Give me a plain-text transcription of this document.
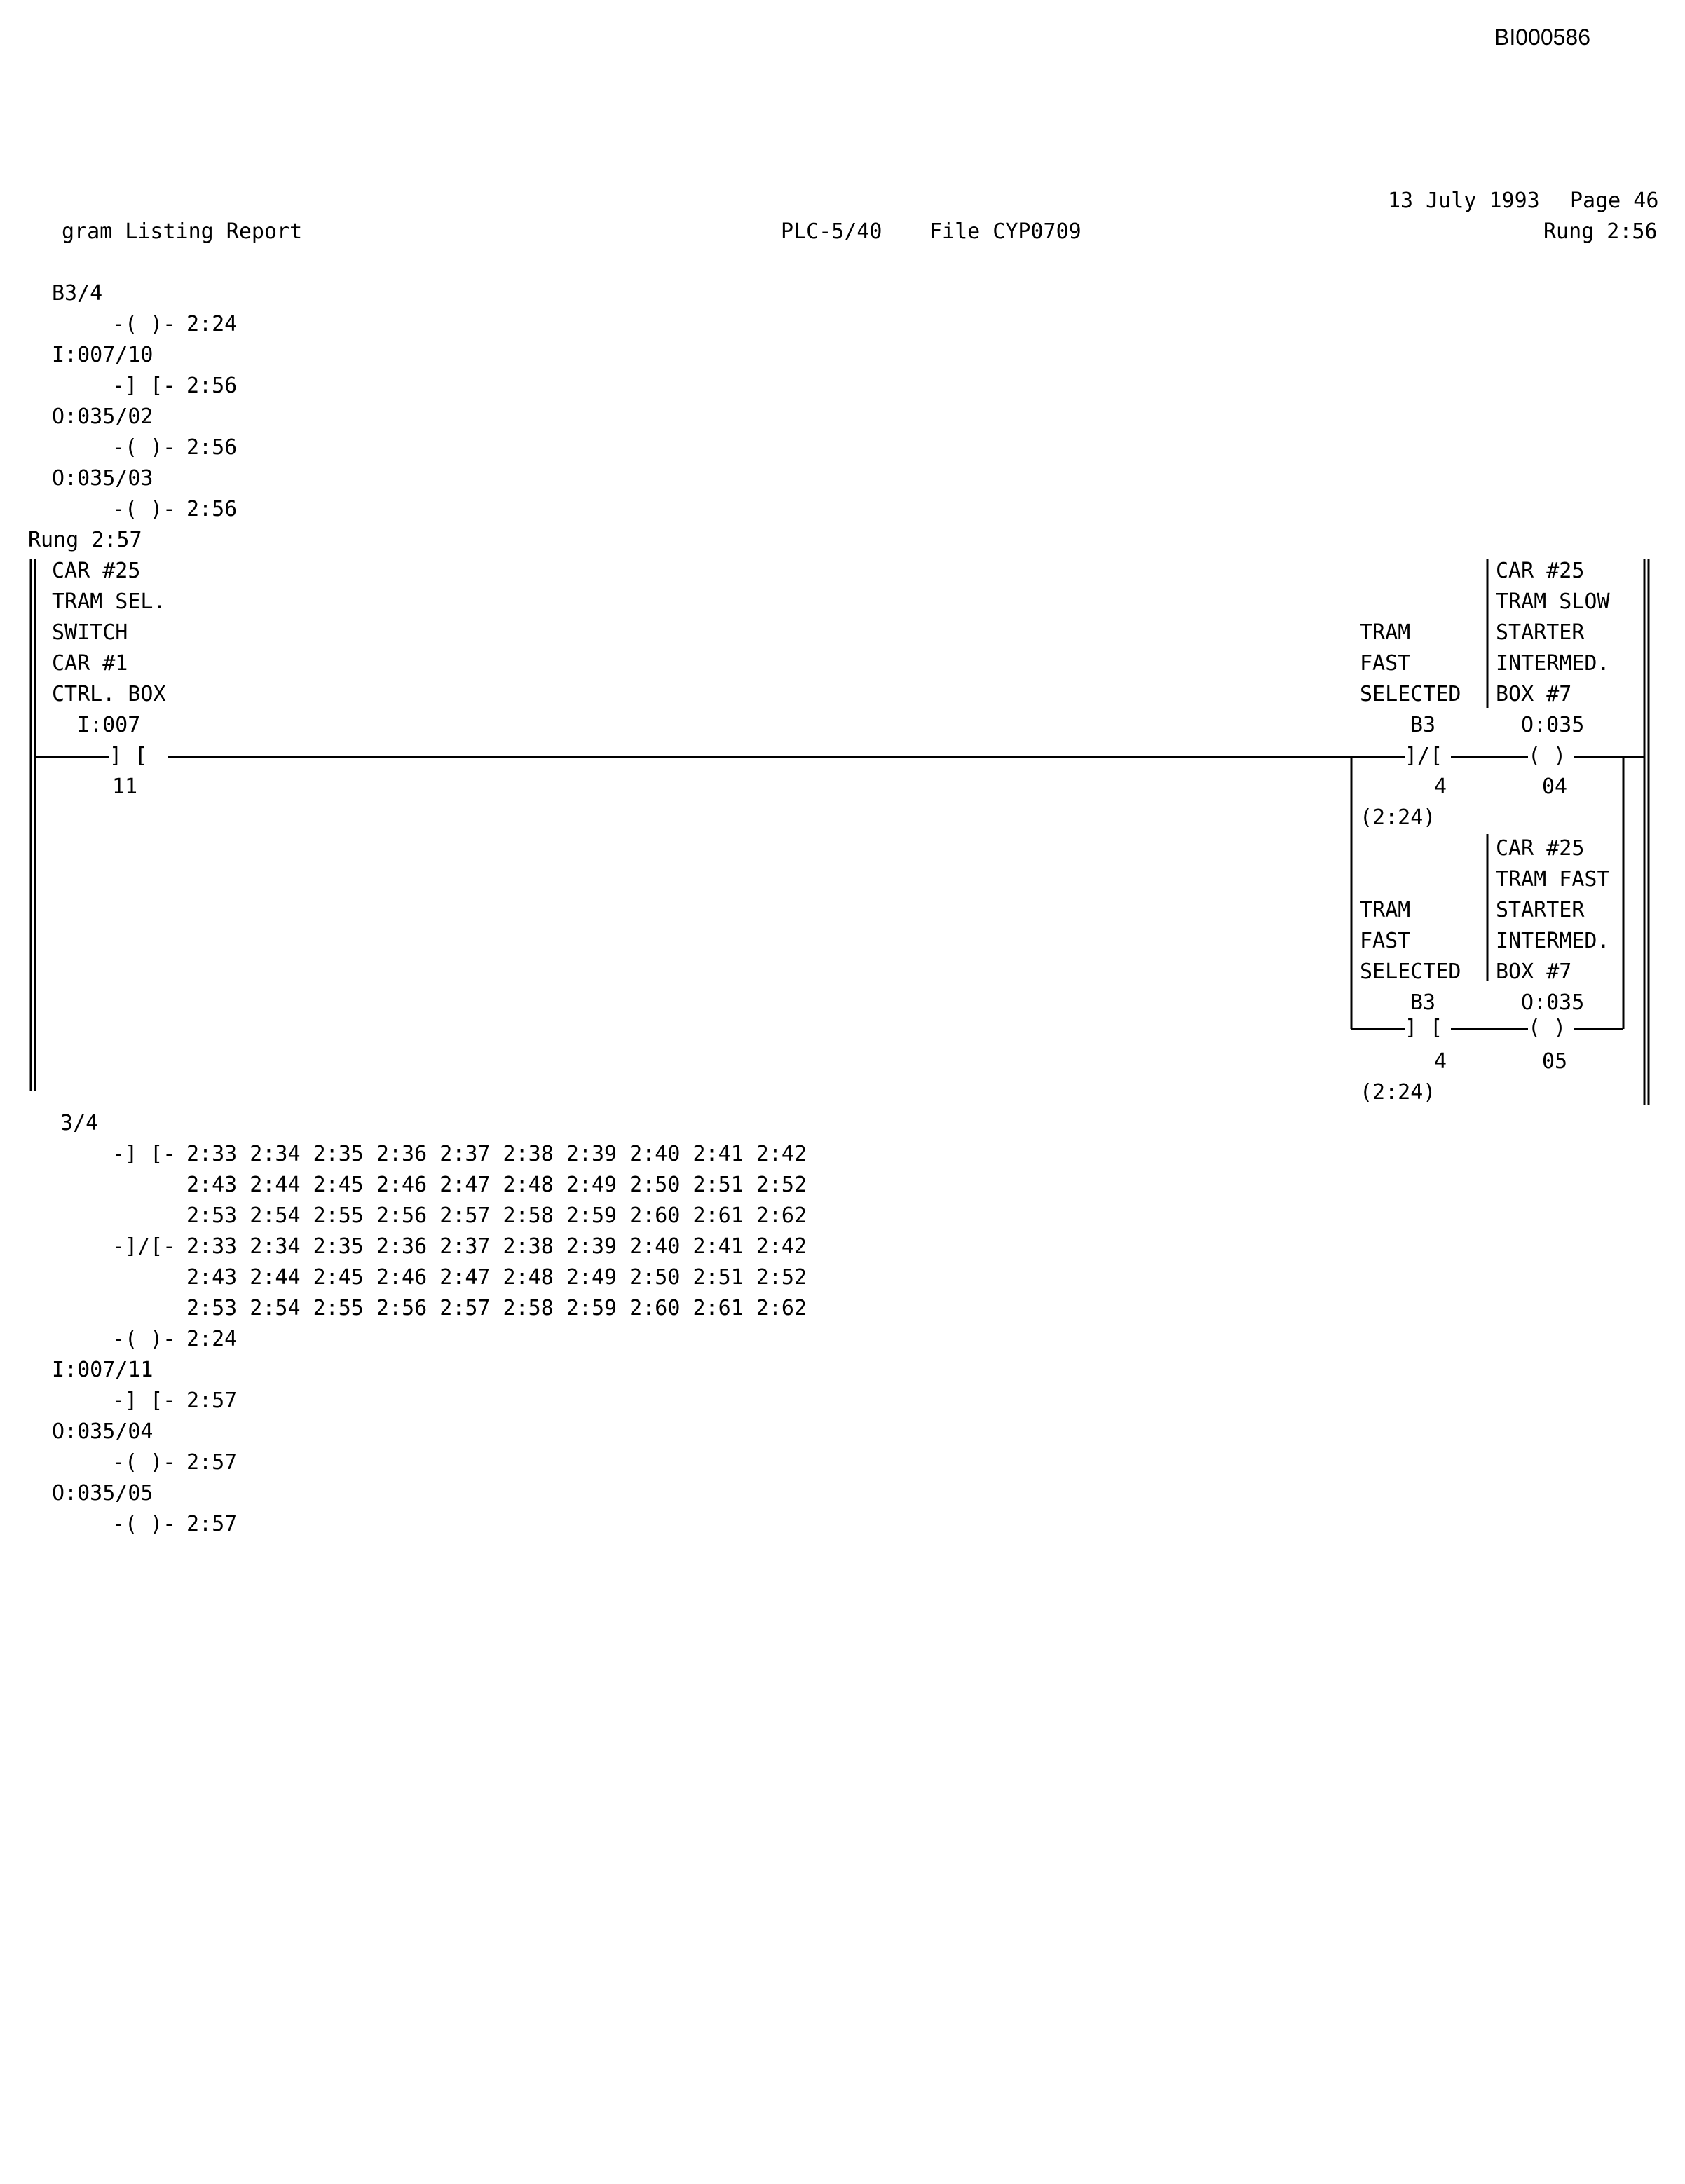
BI000586
13 July 1993 Page 46
gram Listing Report	PLC-5/40 File CYP0709	Rung 2:56
B3/4
-( )- 2:24
I:007/10
-] [- 2:56
O:035/02
-( )- 2:56
O:035/03
-( )- 2:56
Rung 2:57
CAR #25
TRAM SEL.
SWITCH
CAR #1
CTRL. BOX
I:007
] [
11
TRAM
FAST
SELECTED
B3
]/[
4
(2:24)
CAR #25
TRAM SLOW
STARTER
INTERMED.
BOX #7
O:035
( )
04
TRAM
FAST
SELECTED
B3
] [
4
(2:24)
CAR #25
TRAM FAST
STARTER
INTERMED.
BOX #7
O:035
( )
05
3/4
-] [- 2:33 2:34 2:35 2:36 2:37 2:38 2:39 2:40 2:41 2:42
2:43 2:44 2:45 2:46 2:47 2:48 2:49 2:50 2:51 2:52
2:53 2:54 2:55 2:56 2:57 2:58 2:59 2:60 2:61 2:62
-]/[- 2:33 2:34 2:35 2:36 2:37 2:38 2:39 2:40 2:41 2:42
2:43 2:44 2:45 2:46 2:47 2:48 2:49 2:50 2:51 2:52
2:53 2:54 2:55 2:56 2:57 2:58 2:59 2:60 2:61 2:62
-( )- 2:24
I:007/11
-] [- 2:57
O:035/04
-( )- 2:57
O:035/05
-( )- 2:57
